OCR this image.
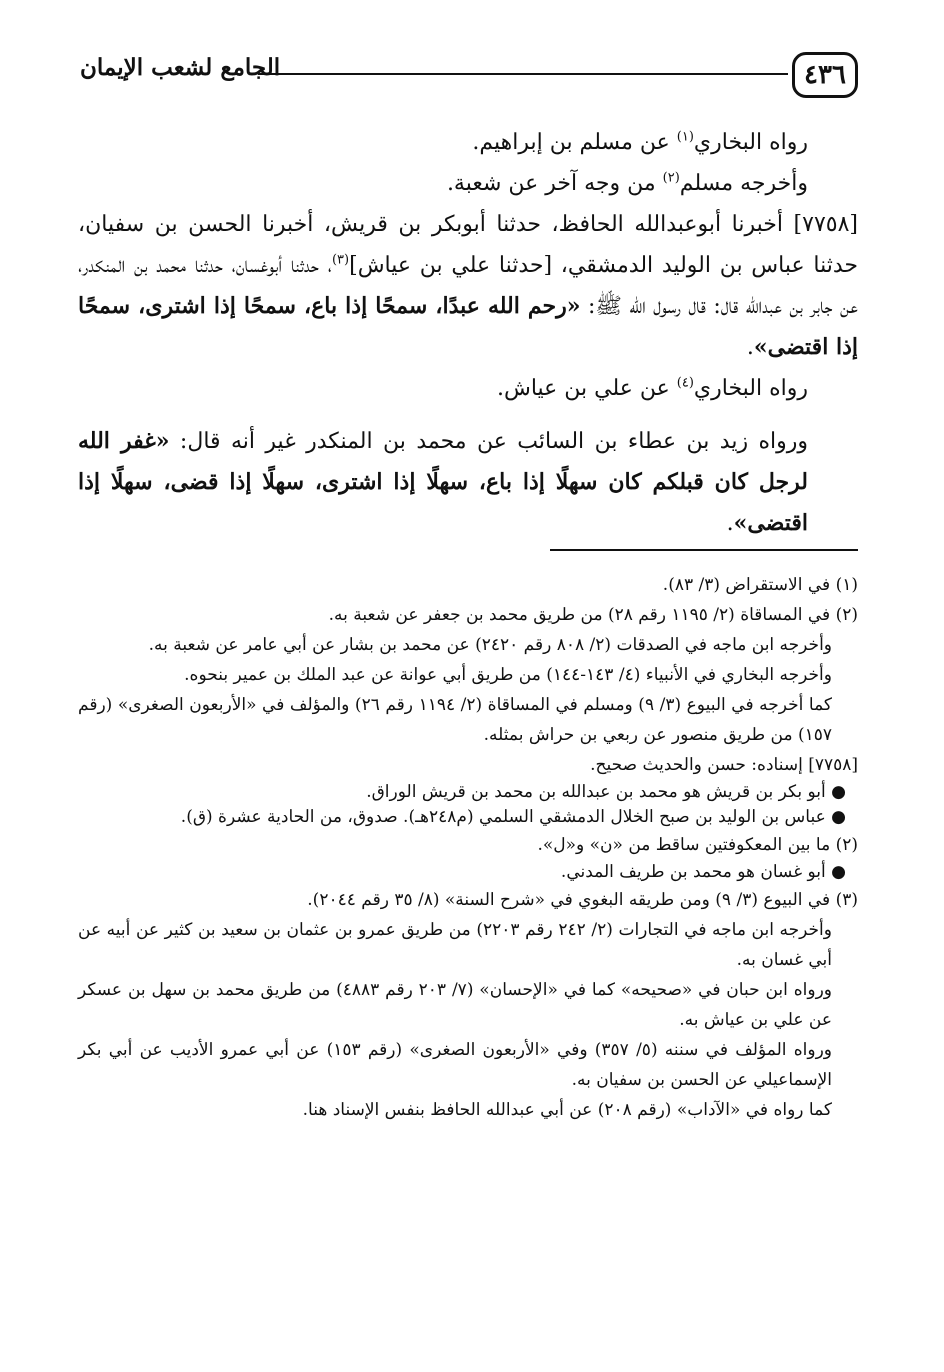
٤٣٦
الجامع لشعب الإيمان

رواه البخاري$^{(١)}$ عن مسلم بن إبراهيم.

وأخرجه مسلم$^{(٢)}$ من وجه آخر عن شعبة.

[٧٧٥٨] أخبرنا أبوعبدالله الحافظ، حدثنا أبوبكر بن قريش، أخبرنا الحسن بن سفيان، حدثنا عباس بن الوليد الدمشقي، [حدثنا علي بن عياش]$^{(٣)}$، حدثنا أبوغسان، حدثنا محمد بن المنكدر، عن جابر بن عبدالله قال: قال رسول الله ﷺ: «رحم الله عبدًا، سمحًا إذا باع، سمحًا إذا اشترى، سمحًا إذا اقتضى».

رواه البخاري$^{(٤)}$ عن علي بن عياش.

ورواه زيد بن عطاء بن السائب عن محمد بن المنكدر غير أنه قال: «غفر الله لرجل كان قبلكم كان سهلًا إذا باع، سهلًا إذا اشترى، سهلًا إذا قضى، سهلًا إذا اقتضى».

(١) في الاستقراض (٣/ ٨٣).

(٢) في المساقاة (٢/ ١١٩٥ رقم ٢٨) من طريق محمد بن جعفر عن شعبة به.

وأخرجه ابن ماجه في الصدقات (٢/ ٨٠٨ رقم ٢٤٢٠) عن محمد بن بشار عن أبي عامر عن شعبة به.

وأخرجه البخاري في الأنبياء (٤/ ١٤٣-١٤٤) من طريق أبي عوانة عن عبد الملك بن عمير بنحوه.

كما أخرجه في البيوع (٣/ ٩) ومسلم في المساقاة (٢/ ١١٩٤ رقم ٢٦) والمؤلف في «الأربعون الصغرى» (رقم ١٥٧) من طريق منصور عن ربعي بن حراش بمثله.

[٧٧٥٨] إسناده: حسن والحديث صحيح.

● أبو بكر بن قريش هو محمد بن عبدالله بن محمد بن قريش الوراق.

● عباس بن الوليد بن صبح الخلال الدمشقي السلمي (م٢٤٨هـ). صدوق، من الحادية عشرة (ق).

(٢) ما بين المعكوفتين ساقط من «ن» و«ل».

● أبو غسان هو محمد بن طريف المدني.

(٣) في البيوع (٣/ ٩) ومن طريقه البغوي في «شرح السنة» (٨/ ٣٥ رقم ٢٠٤٤).

وأخرجه ابن ماجه في التجارات (٢/ ٢٤٢ رقم ٢٢٠٣) من طريق عمرو بن عثمان بن سعيد بن كثير عن أبيه عن أبي غسان به.

ورواه ابن حبان في «صحيحه» كما في «الإحسان» (٧/ ٢٠٣ رقم ٤٨٨٣) من طريق محمد بن سهل بن عسكر عن علي بن عياش به.

ورواه المؤلف في سننه (٥/ ٣٥٧) وفي «الأربعون الصغرى» (رقم ١٥٣) عن أبي عمرو الأديب عن أبي بكر الإسماعيلي عن الحسن بن سفيان به.

كما رواه في «الآداب» (رقم ٢٠٨) عن أبي عبدالله الحافظ بنفس الإسناد هنا.
